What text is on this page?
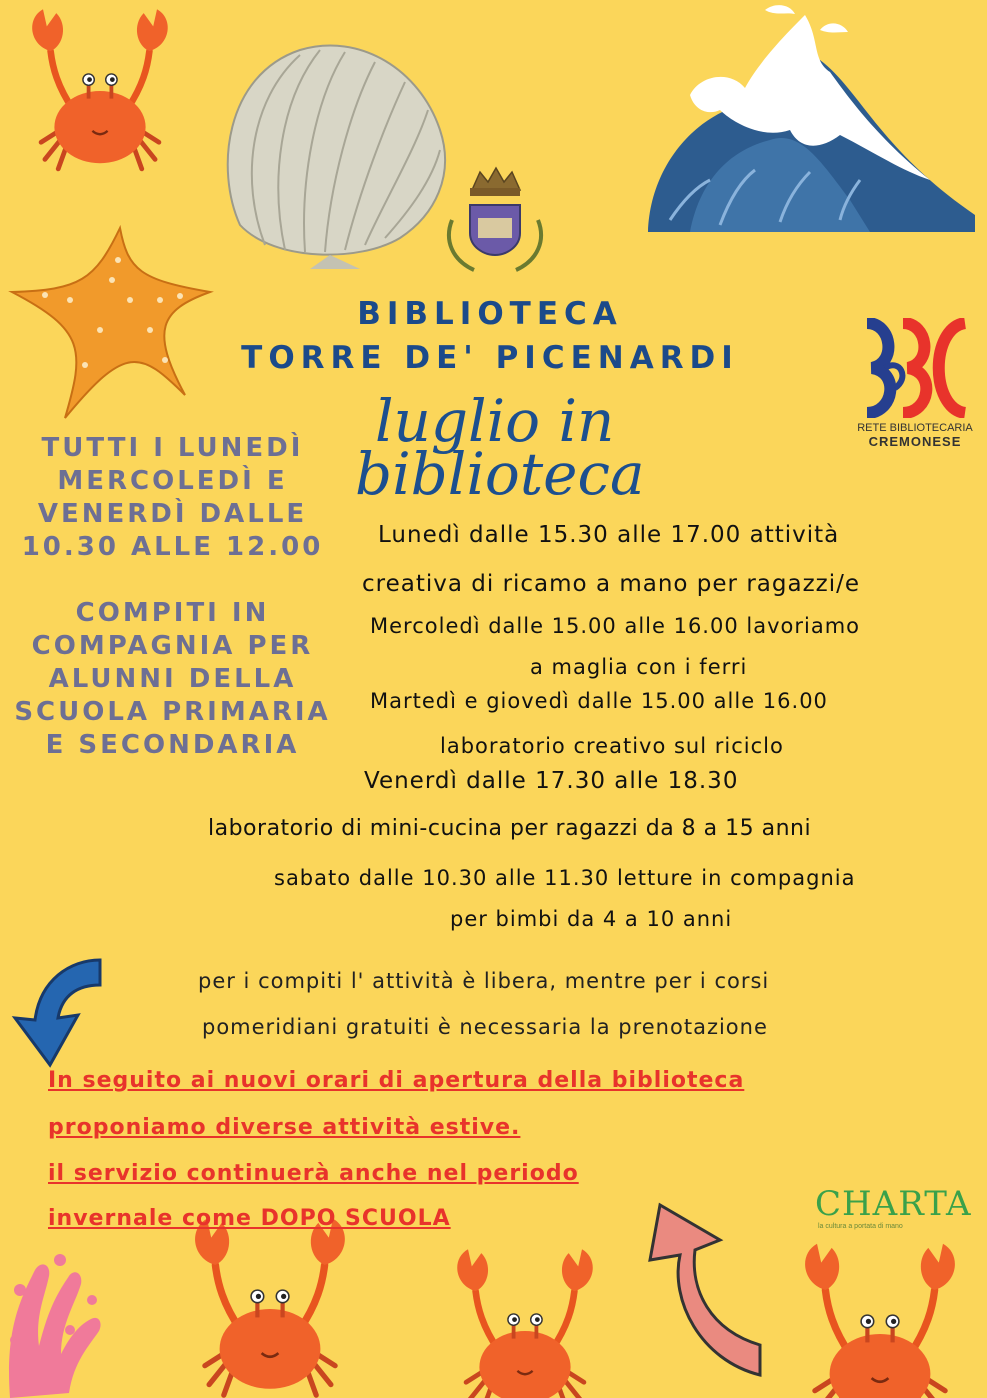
RETE BIBLIOTECARIA
CREMONESE
BIBLIOTECA
TORRE DE' PICENARDI
luglio in
biblioteca
TUTTI I LUNEDÌ
MERCOLEDÌ E
VENERDÌ DALLE
10.30 ALLE 12.00
COMPITI IN
COMPAGNIA PER
ALUNNI DELLA
SCUOLA PRIMARIA
E SECONDARIA
Lunedì dalle 15.30 alle 17.00 attività
creativa di ricamo a mano per ragazzi/e
Mercoledì dalle 15.00 alle 16.00 lavoriamo
a maglia con i ferri
Martedì e giovedì dalle 15.00 alle 16.00
laboratorio creativo sul riciclo
Venerdì dalle 17.30 alle 18.30
laboratorio di mini-cucina per ragazzi da 8 a 15 anni
sabato dalle 10.30 alle 11.30 letture in compagnia
per bimbi da 4 a 10 anni
per i compiti l' attività è libera, mentre per i corsi
pomeridiani gratuiti è necessaria la prenotazione
In seguito ai nuovi orari di apertura della biblioteca
proponiamo diverse attività estive.
il servizio continuerà anche nel periodo
invernale come DOPO SCUOLA	CHARTA
la cultura a portata di mano
